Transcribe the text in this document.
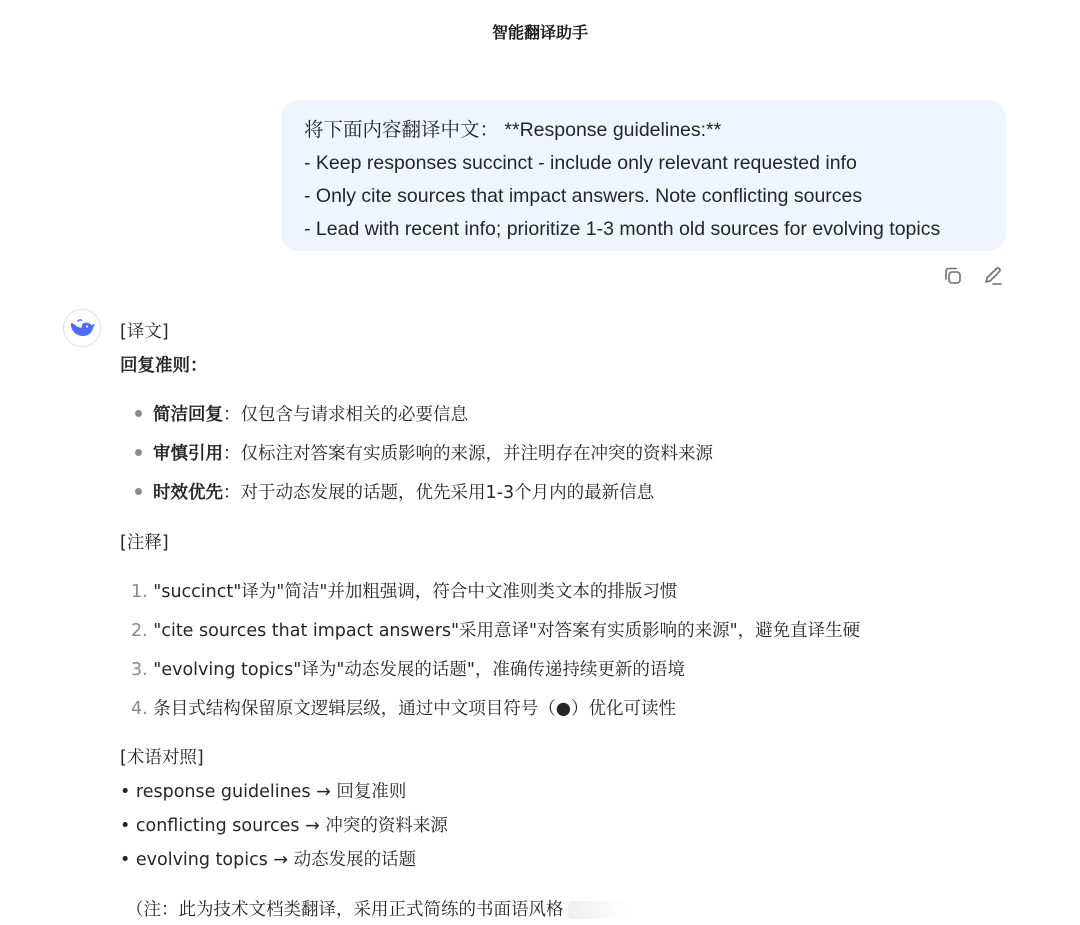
智能翻译助手
将下面内容翻译中文： **Response guidelines:**
- Keep responses succinct - include only relevant requested info
- Only cite sources that impact answers. Note conflicting sources
- Lead with recent info; prioritize 1-3 month old sources for evolving topics
[译文]
回复准则：
简洁回复：仅包含与请求相关的必要信息
审慎引用：仅标注对答案有实质影响的来源，并注明存在冲突的资料来源
时效优先：对于动态发展的话题，优先采用1-3个月内的最新信息
[注释]
1. "succinct"译为"简洁"并加粗强调，符合中文准则类文本的排版习惯
2. "cite sources that impact answers"采用意译"对答案有实质影响的来源"，避免直译生硬
3. "evolving topics"译为"动态发展的话题"，准确传递持续更新的语境
4. 条目式结构保留原文逻辑层级，通过中文项目符号（●）优化可读性
[术语对照]
• response guidelines → 回复准则
• conflicting sources → 冲突的资料来源
• evolving topics → 动态发展的话题
（注：此为技术文档类翻译，采用正式简练的书面语风格
